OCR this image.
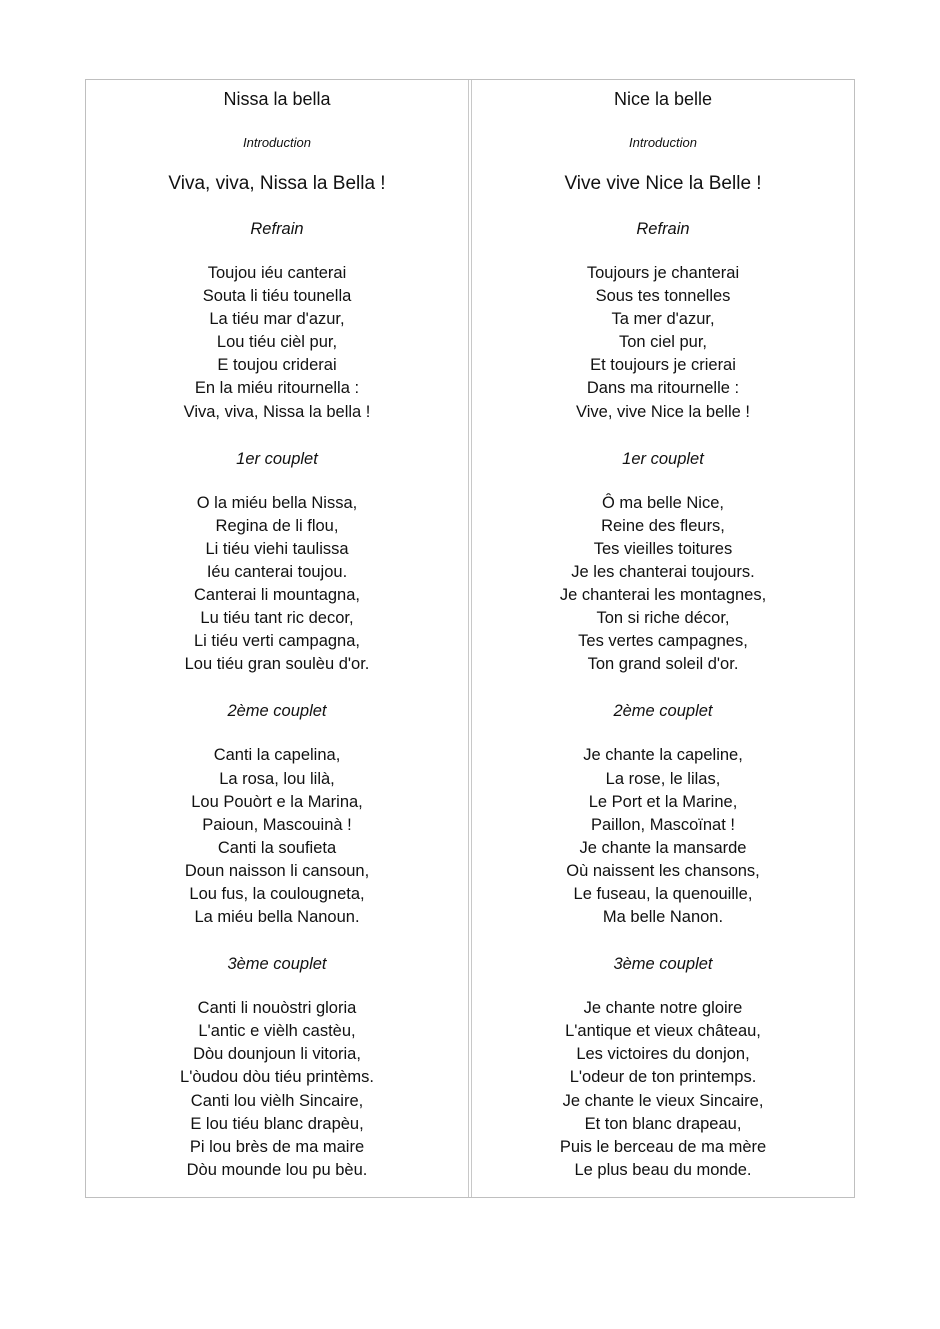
Nissa la bella
Introduction
Viva, viva, Nissa la Bella !
Refrain
Toujou iéu canterai
Souta li tiéu tounella
La tiéu mar d'azur,
Lou tiéu cièl pur,
E toujou criderai
En la miéu ritournella :
Viva, viva, Nissa la bella !
1er couplet
O la miéu bella Nissa,
Regina de li flou,
Li tiéu viehi taulissa
Iéu canterai toujou.
Canterai li mountagna,
Lu tiéu tant ric decor,
Li tiéu verti campagna,
Lou tiéu gran soulèu d'or.
2ème couplet
Canti la capelina,
La rosa, lou lilà,
Lou Pouòrt e la Marina,
Paioun, Mascouinà !
Canti la soufieta
Doun naisson li cansoun,
Lou fus, la coulougneta,
La miéu bella Nanoun.
3ème couplet
Canti li nouòstri gloria
L'antic e vièlh castèu,
Dòu dounjoun li vitoria,
L'òudou dòu tiéu printèms.
Canti lou vièlh Sincaire,
E lou tiéu blanc drapèu,
Pi lou brès de ma maire
Dòu mounde lou pu bèu.
Nice la belle
Introduction
Vive vive Nice la Belle !
Refrain
Toujours je chanterai
Sous tes tonnelles
Ta mer d'azur,
Ton ciel pur,
Et toujours je crierai
Dans ma ritournelle :
Vive, vive Nice la belle !
1er couplet
Ô ma belle Nice,
Reine des fleurs,
Tes vieilles toitures
Je les chanterai toujours.
Je chanterai les montagnes,
Ton si riche décor,
Tes vertes campagnes,
Ton grand soleil d'or.
2ème couplet
Je chante la capeline,
La rose, le lilas,
Le Port et la Marine,
Paillon, Mascoïnat !
Je chante la mansarde
Où naissent les chansons,
Le fuseau, la quenouille,
Ma belle Nanon.
3ème couplet
Je chante notre gloire
L'antique et vieux château,
Les victoires du donjon,
L'odeur de ton printemps.
Je chante le vieux Sincaire,
Et ton blanc drapeau,
Puis le berceau de ma mère
Le plus beau du monde.
